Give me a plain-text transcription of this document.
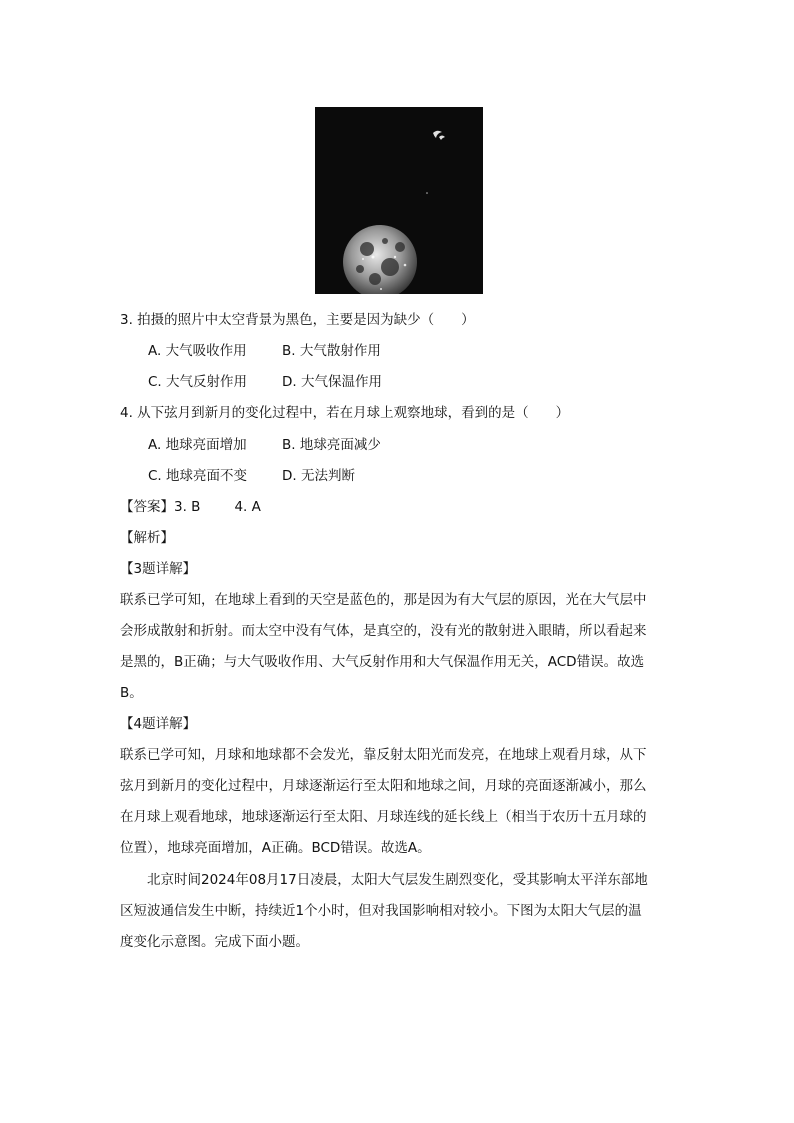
3. 拍摄的照片中太空背景为黑色，主要是因为缺少（　　）
A. 大气吸收作用	B. 大气散射作用
C. 大气反射作用	D. 大气保温作用
4. 从下弦月到新月的变化过程中，若在月球上观察地球，看到的是（　　）
A. 地球亮面增加	B. 地球亮面减少
C. 地球亮面不变	D. 无法判断
【答案】3. B	4. A
【解析】
【3题详解】
联系已学可知，在地球上看到的天空是蓝色的，那是因为有大气层的原因，光在大气层中
会形成散射和折射。而太空中没有气体，是真空的，没有光的散射进入眼睛，所以看起来
是黑的，B正确；与大气吸收作用、大气反射作用和大气保温作用无关，ACD错误。故选
B。
【4题详解】
联系已学可知，月球和地球都不会发光，靠反射太阳光而发亮，在地球上观看月球，从下
弦月到新月的变化过程中，月球逐渐运行至太阳和地球之间，月球的亮面逐渐减小，那么
在月球上观看地球，地球逐渐运行至太阳、月球连线的延长线上（相当于农历十五月球的
位置），地球亮面增加，A正确。BCD错误。故选A。
　　北京时间2024年08月17日凌晨，太阳大气层发生剧烈变化，受其影响太平洋东部地
区短波通信发生中断，持续近1个小时，但对我国影响相对较小。下图为太阳大气层的温
度变化示意图。完成下面小题。
